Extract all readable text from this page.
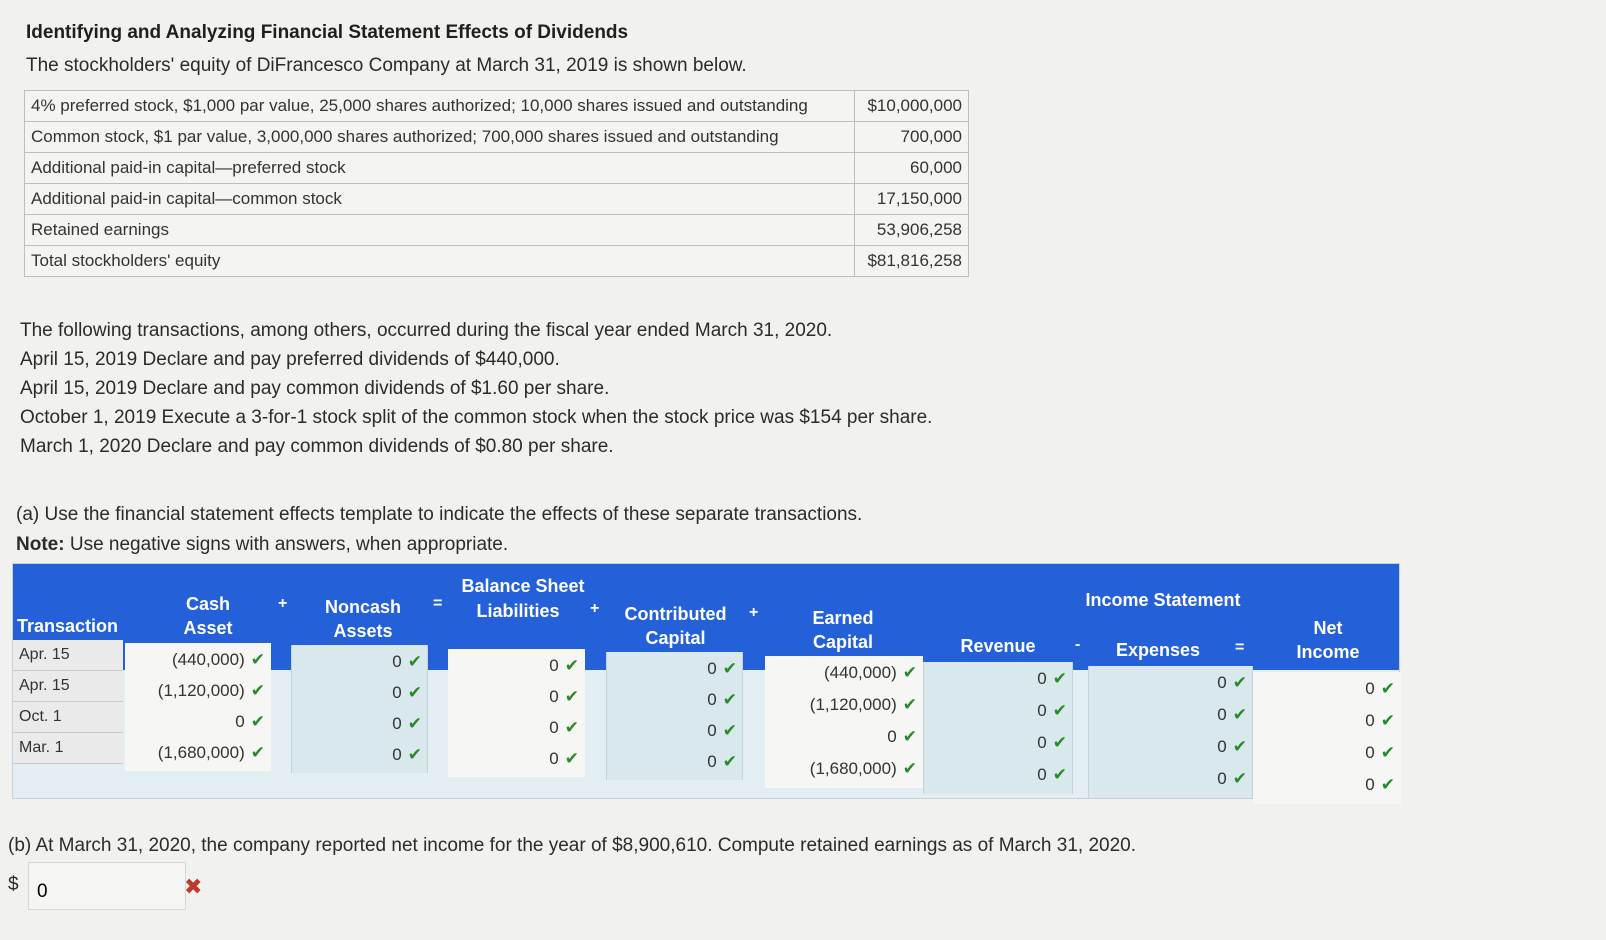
Identifying and Analyzing Financial Statement Effects of Dividends
The stockholders' equity of DiFrancesco Company at March 31, 2019 is shown below.
4% preferred stock, $1,000 par value, 25,000 shares authorized; 10,000 shares issued and outstanding	$10,000,000
Common stock, $1 par value, 3,000,000 shares authorized; 700,000 shares issued and outstanding	700,000
Additional paid-in capital—preferred stock	60,000
Additional paid-in capital—common stock	17,150,000
Retained earnings	53,906,258
Total stockholders' equity	$81,816,258
The following transactions, among others, occurred during the fiscal year ended March 31, 2020.
April 15, 2019 Declare and pay preferred dividends of $440,000.
April 15, 2019 Declare and pay common dividends of $1.60 per share.
October 1, 2019 Execute a 3-for-1 stock split of the common stock when the stock price was $154 per share.
March 1, 2020 Declare and pay common dividends of $0.80 per share.
(a) Use the financial statement effects template to indicate the effects of these separate transactions.
Note: Use negative signs with answers, when appropriate.
Balance Sheet
Income Statement
Transaction
Cash
Asset
+	Noncash
Assets
=	Liabilities	+	Contributed
Capital
+	Earned
Capital	Revenue	-	Expenses	=
Net
Income
Apr. 15	(440,000) ✔	0 ✔	0 ✔	0 ✔	(440,000) ✔	0 ✔	0 ✔	0 ✔
Apr. 15	(1,120,000) ✔	0 ✔	0 ✔	0 ✔	(1,120,000) ✔	0 ✔	0 ✔	0 ✔
Oct. 1	0 ✔	0 ✔	0 ✔	0 ✔	0 ✔	0 ✔	0 ✔	0 ✔
Mar. 1	(1,680,000) ✔	0 ✔	0 ✔	0 ✔	(1,680,000) ✔	0 ✔	0 ✔	0 ✔
(b) At March 31, 2020, the company reported net income for the year of $8,900,610. Compute retained earnings as of March 31, 2020.
$
0	✖
